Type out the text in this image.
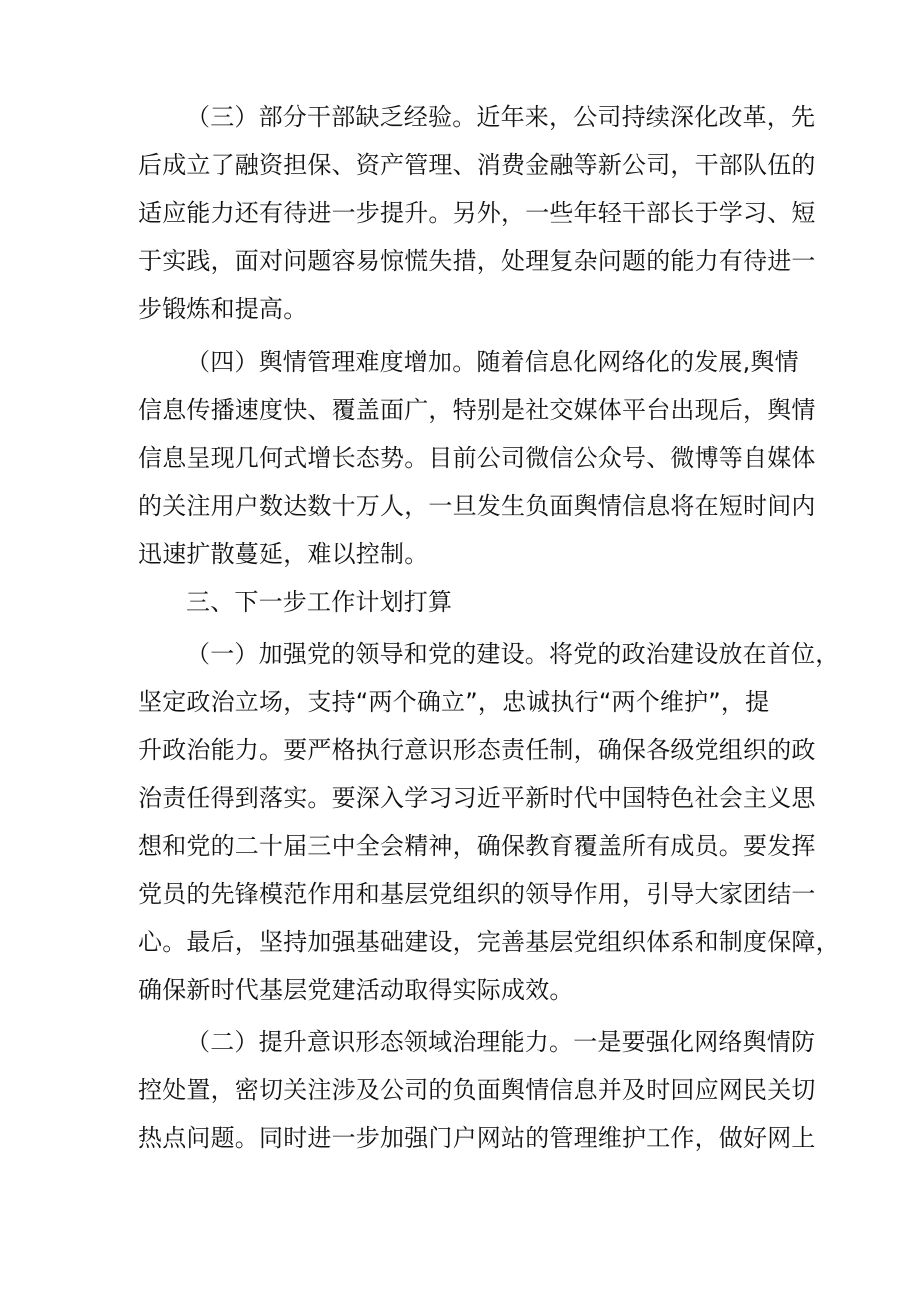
（三）部分干部缺乏经验。近年来，公司持续深化改革，先

后成立了融资担保、资产管理、消费金融等新公司，干部队伍的

适应能力还有待进一步提升。另外，一些年轻干部长于学习、短

于实践，面对问题容易惊慌失措，处理复杂问题的能力有待进一

步锻炼和提高。

（四）舆情管理难度增加。随着信息化网络化的发展,舆情

信息传播速度快、覆盖面广，特别是社交媒体平台出现后，舆情

信息呈现几何式增长态势。目前公司微信公众号、微博等自媒体

的关注用户数达数十万人，一旦发生负面舆情信息将在短时间内

迅速扩散蔓延，难以控制。

三、下一步工作计划打算

（一）加强党的领导和党的建设。将党的政治建设放在首位，

坚定政治立场，支持“两个确立”，忠诚执行“两个维护”，提

升政治能力。要严格执行意识形态责任制，确保各级党组织的政

治责任得到落实。要深入学习习近平新时代中国特色社会主义思

想和党的二十届三中全会精神，确保教育覆盖所有成员。要发挥

党员的先锋模范作用和基层党组织的领导作用，引导大家团结一

心。最后，坚持加强基础建设，完善基层党组织体系和制度保障，

确保新时代基层党建活动取得实际成效。

（二）提升意识形态领域治理能力。一是要强化网络舆情防

控处置，密切关注涉及公司的负面舆情信息并及时回应网民关切

热点问题。同时进一步加强门户网站的管理维护工作，做好网上
